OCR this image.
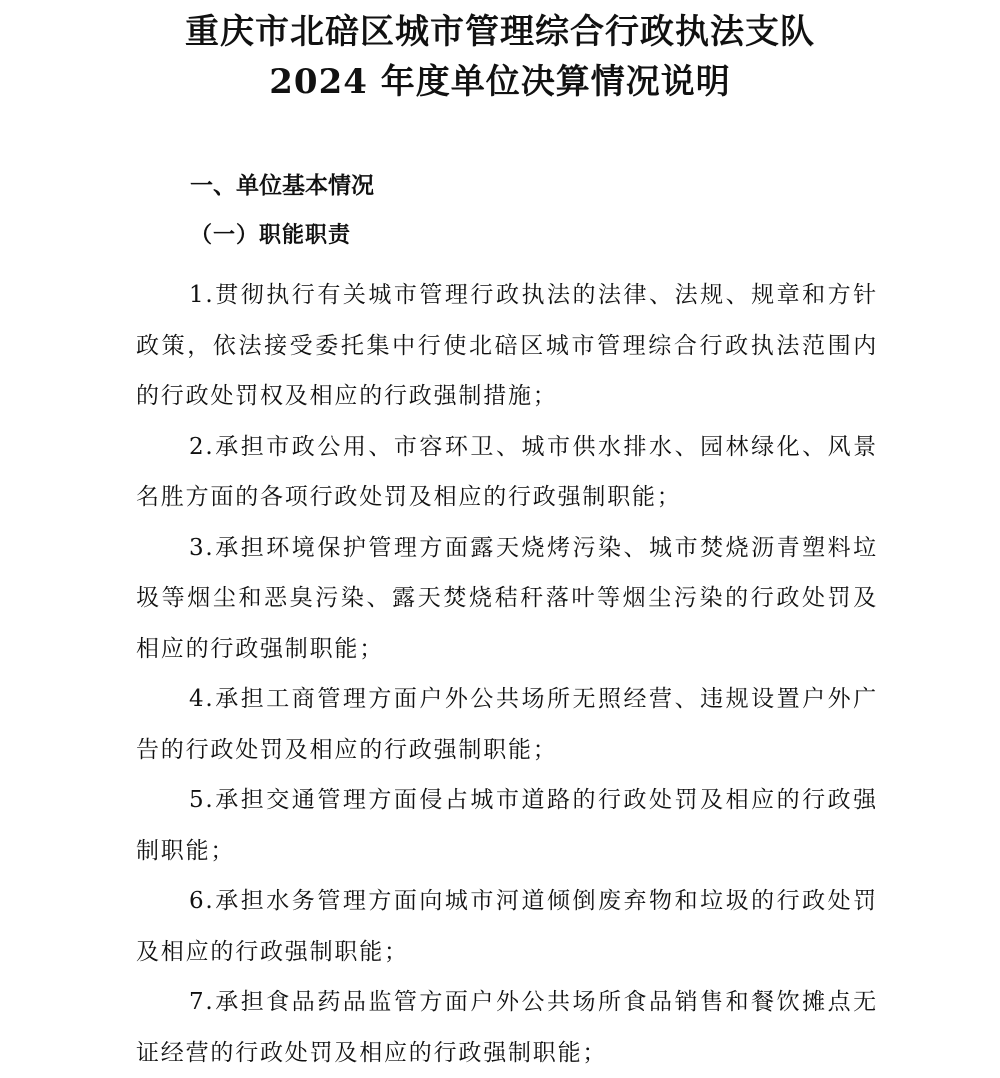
重庆市北碚区城市管理综合行政执法支队
2024 年度单位决算情况说明
一、单位基本情况
（一）职能职责

1.贯彻执行有关城市管理行政执法的法律、法规、规章和方针政策，依法接受委托集中行使北碚区城市管理综合行政执法范围内的行政处罚权及相应的行政强制措施；

2.承担市政公用、市容环卫、城市供水排水、园林绿化、风景名胜方面的各项行政处罚及相应的行政强制职能；

3.承担环境保护管理方面露天烧烤污染、城市焚烧沥青塑料垃圾等烟尘和恶臭污染、露天焚烧秸秆落叶等烟尘污染的行政处罚及相应的行政强制职能；

4.承担工商管理方面户外公共场所无照经营、违规设置户外广告的行政处罚及相应的行政强制职能；

5.承担交通管理方面侵占城市道路的行政处罚及相应的行政强制职能；

6.承担水务管理方面向城市河道倾倒废弃物和垃圾的行政处罚及相应的行政强制职能；

7.承担食品药品监管方面户外公共场所食品销售和餐饮摊点无证经营的行政处罚及相应的行政强制职能；
